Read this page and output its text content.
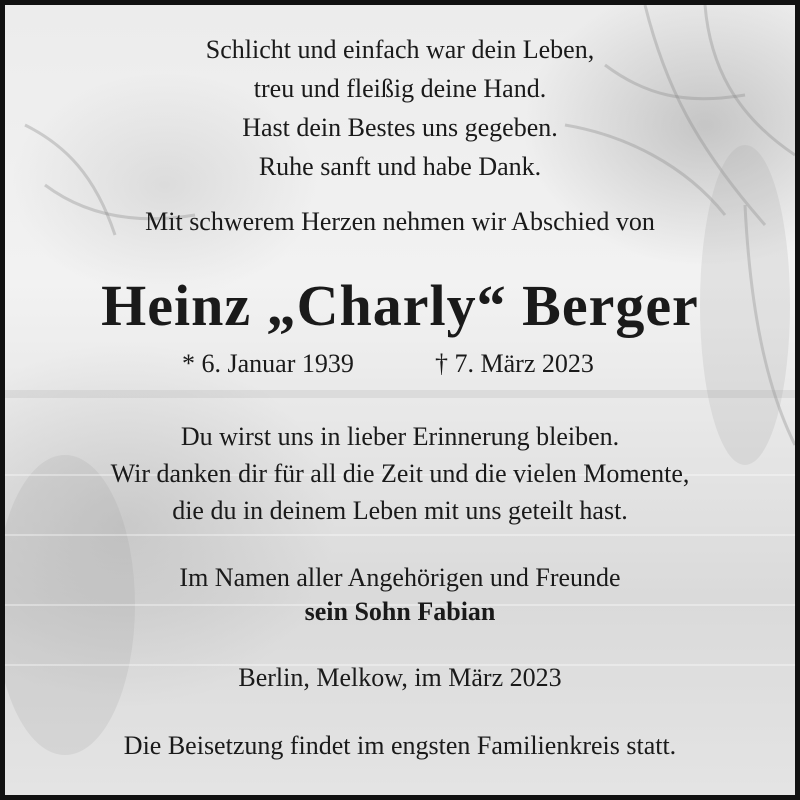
Schlicht und einfach war dein Leben,
treu und fleißig deine Hand.
Hast dein Bestes uns gegeben.
Ruhe sanft und habe Dank.
Mit schwerem Herzen nehmen wir Abschied von
Heinz „Charly“ Berger
* 6. Januar 1939	† 7. März 2023
Du wirst uns in lieber Erinnerung bleiben.
Wir danken dir für all die Zeit und die vielen Momente,
die du in deinem Leben mit uns geteilt hast.
Im Namen aller Angehörigen und Freunde
sein Sohn Fabian
Berlin, Melkow, im März 2023
Die Beisetzung findet im engsten Familienkreis statt.
